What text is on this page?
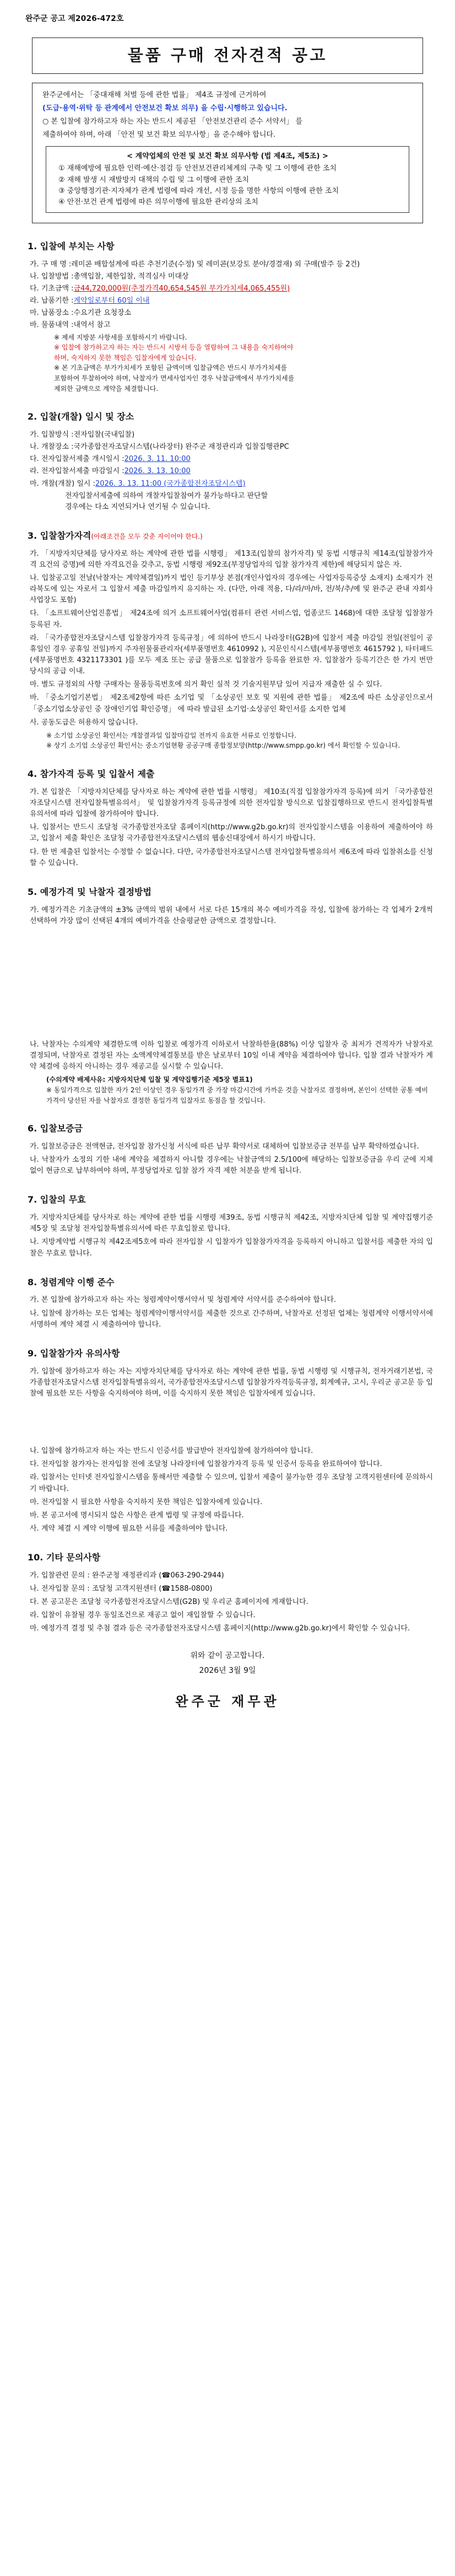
완주군 공고 제2026-472호
물품 구매 전자견적 공고

완주군에서는 「중대재해 처벌 등에 관한 법률」 제4조 규정에 근거하여

(도급·용역·위탁 등 관계에서 안전보건 확보 의무) 을 수립·시행하고 있습니다.

○ 본 입찰에 참가하고자 하는 자는 반드시 제공된 「안전보건관리 준수 서약서」 를

제출하여야 하며, 아래 「안전 및 보건 확보 의무사항」을 준수해야 합니다.

< 계약업체의 안전 및 보건 확보 의무사항 (법 제4조, 제5조) >
① 재해예방에 필요한 인력·예산·점검 등 안전보건관리체계의 구축 및 그 이행에 관한 조치
② 재해 발생 시 재발방지 대책의 수립 및 그 이행에 관한 조치
③ 중앙행정기관·지자체가 관계 법령에 따라 개선, 시정 등을 명한 사항의 이행에 관한 조치
④ 안전·보건 관계 법령에 따른 의무이행에 필요한 관리상의 조치
1. 입찰에 부치는 사항
가. 구 매 명 : 레미콘 배합설계에 따른 추천기준(수정) 및 레미콘(보강토 분야/경결재) 외 구매(발주 등 2건)
나. 입찰방법 : 총액입찰, 제한입찰, 적격심사 미대상
다. 기초금액 : 금44,720,000원(추정가격40,654,545원 부가가치세4,065,455원)
라. 납품기한 : 계약일로부터 60일 이내
마. 납품장소 : 수요기관 요청장소
바. 물품내역 : 내역서 참고
※ 제세 지방분 사항세를 포함하시기 바랍니다.
※ 입찰에 참가하고자 하는 자는 반드시 시방서 등을 열람하여 그 내용을 숙지하여야
하며, 숙지하지 못한 책임은 입찰자에게 있습니다.
※ 본 기초금액은 부가가치세가 포함된 금액이며 입찰금액은 반드시 부가가치세를
포함하여 투찰하여야 하며, 낙찰자가 면세사업자인 경우 낙찰금액에서 부가가치세를
제외한 금액으로 계약을 체결합니다.
2. 입찰(개찰) 일시 및 장소
가. 입찰방식 : 전자입찰(국내입찰)
나. 개찰장소 : 국가종합전자조달시스템(나라장터) 완주군 재정관리과 입찰집행관PC
다. 전자입찰서제출 개시일시 : 2026. 3. 11. 10:00
라. 전자입찰서제출 마감일시 : 2026. 3. 13. 10:00
마. 개찰(개찰) 일시 : 2026. 3. 13. 11:00 (국가종합전자조달시스템)
전자입찰서제출에 의하여 개찰자입찰참여가 불가능하다고 판단할
경우에는 다소 지연되거나 연기될 수 있습니다.
3. 입찰참가자격(아래조건을 모두 갖춘 자이어야 한다.)

가. 「지방자치단체를 당사자로 하는 계약에 관한 법률 시행령」 제13조(입찰의 참가자격) 및 동법 시행규칙 제14조(입찰참가자격 요건의 증명)에 의한 자격요건을 갖추고, 동법 시행령 제92조(부정당업자의 입찰 참가자격 제한)에 해당되지 않은 자.

나. 입찰공고일 전날(낙찰자는 계약체결일)까지 법인 등기부상 본점(개인사업자의 경우에는 사업자등록증상 소재지) 소재지가 전라북도에 있는 자로서 그 입찰서 제출 마감일까지 유지하는 자. (다만, 아래 적용, 다/라/마/바, 전/북/추/예 및 완주군 관내 자회사 사업장도 포함)

다. 「소프트웨어산업진흥법」 제24조에 의거 소프트웨어사업(컴퓨터 관련 서비스업, 업종코드 1468)에 대한 조달청 입찰참가 등록된 자.

라. 「국가종합전자조달시스템 입찰참가자격 등록규정」에 의하여 반드시 나라장터(G2B)에 입찰서 제출 마감일 전일(전일이 공휴일인 경우 공휴일 전일)까지 주자원물품관리자(세부품명번호 4610992 ), 지문인식시스템(세부품명번호 4615792 ), 타터패드(세부품명번호 4321173301 )를 모두 제조 또는 공급 물품으로 입찰참가 등록을 완료한 자. 입찰참가 등록기간은 한 가지 번만 당시의 공급 이내.

마. 별도 규정외의 사항 구매자는 물품등록번호에 의거 확인 실적 것 기술지원부담 있어 지급자 재출한 실 수 있다.

바. 「중소기업기본법」 제2조제2항에 따른 소기업 및 「소상공인 보호 및 지원에 관한 법률」 제2조에 따른 소상공인으로서 「중소기업소상공인 중 장애인기업 확인증명」 에 따라 발급된 소기업·소상공인 확인서를 소지한 업체

사. 공동도급은 허용하지 않습니다.

※ 소기업 소상공인 확인서는 개찰결과일 입찰마감일 전까지 유효한 서류로 인정합니다.
※ 상기 소기업 소상공인 확인서는 중소기업현황 공공구매 종합정보망(http://www.smpp.go.kr) 에서 확인할 수 있습니다.
4. 참가자격 등록 및 입찰서 제출

가. 본 입찰은 「지방자치단체를 당사자로 하는 계약에 관한 법률 시행령」 제10조(직접 입찰참가자격 등록)에 의거 「국가종합전자조달시스템 전자입찰특별유의서」 및 입찰참가자격 등록규정에 의한 전자입찰 방식으로 입찰집행하므로 반드시 전자입찰특별유의서에 따라 입찰에 참가하여야 합니다.

나. 입찰서는 반드시 조달청 국가종합전자조달 홈페이지(http://www.g2b.go.kr)의 전자입찰시스템을 이용하여 제출하여야 하고, 입찰서 제출 확인은 조달청 국가종합전자조달시스템의 웹송신대장에서 하시기 바랍니다.

다. 한 번 제출된 입찰서는 수정할 수 없습니다. 다만, 국가종합전자조달시스템 전자입찰특별유의서 제6조에 따라 입찰취소를 신청할 수 있습니다.

5. 예정가격 및 낙찰자 결정방법

가. 예정가격은 기초금액의 ±3% 금액의 범위 내에서 서로 다른 15개의 복수 예비가격을 작성, 입찰에 참가하는 각 업체가 2개씩 선택하여 가장 많이 선택된 4개의 예비가격을 산술평균한 금액으로 결정합니다.

나. 낙찰자는 수의계약 체결한도액 이하 입찰로 예정가격 이하로서 낙찰하한율(88%) 이상 입찰자 중 최저가 견적자가 낙찰자로 결정되며, 낙찰자로 결정된 자는 소액계약체결통보를 받은 날로부터 10일 이내 계약을 체결하여야 합니다. 입찰 결과 낙찰자가 계약 체결에 응하지 아니하는 경우 재공고를 실시할 수 있습니다.

(수의계약 배제사유: 지방자치단체 입찰 및 계약집행기준 제5장 별표1)
※ 동일가격으로 입찰한 자가 2인 이상인 경우 동일가격 중 가장 마감시간에 가까운 것을 낙찰자로 결정하며, 본인이 선택한 공통 예비가격이 당선된 자를 낙찰자로 결정한 동일가격 입찰자로 동점을 할 것입니다.
6. 입찰보증금

가. 입찰보증금은 전액현금, 전자입찰 참가신청 서식에 따른 납부 확약서로 대체하여 입찰보증금 전부를 납부 확약하였습니다.

나. 낙찰자가 소정의 기한 내에 계약을 체결하지 아니할 경우에는 낙찰금액의 2.5/100에 해당하는 입찰보증금을 우리 군에 지체 없이 현금으로 납부하여야 하며, 부정당업자로 입찰 참가 자격 제한 처분을 받게 됩니다.

7. 입찰의 무효

가. 지방자치단체를 당사자로 하는 계약에 관한 법률 시행령 제39조, 동법 시행규칙 제42조, 지방자치단체 입찰 및 계약집행기준 제5장 및 조달청 전자입찰특별유의서에 따른 무효입찰로 합니다.

나. 지방계약법 시행규칙 제42조제5호에 따라 전자입찰 시 입찰자가 입찰참가자격을 등록하지 아니하고 입찰서를 제출한 자의 입찰은 무효로 합니다.

8. 청렴계약 이행 준수

가. 본 입찰에 참가하고자 하는 자는 청렴계약이행서약서 및 청렴계약 서약서를 준수하여야 합니다.

나. 입찰에 참가하는 모든 업체는 청렴계약이행서약서를 제출한 것으로 간주하며, 낙찰자로 선정된 업체는 청렴계약 이행서약서에 서명하여 계약 체결 시 제출하여야 합니다.

9. 입찰참가자 유의사항

가. 입찰에 참가하고자 하는 자는 지방자치단체를 당사자로 하는 계약에 관한 법률, 동법 시행령 및 시행규칙, 전자거래기본법, 국가종합전자조달시스템 전자입찰특별유의서, 국가종합전자조달시스템 입찰참가자격등록규정, 회계예규, 고시, 우리군 공고문 등 입찰에 필요한 모든 사항을 숙지하여야 하며, 이를 숙지하지 못한 책임은 입찰자에게 있습니다.

나. 입찰에 참가하고자 하는 자는 반드시 인증서를 발급받아 전자입찰에 참가하여야 합니다.

다. 전자입찰 참가자는 전자입찰 전에 조달청 나라장터에 입찰참가자격 등록 및 인증서 등록을 완료하여야 합니다.

라. 입찰서는 인터넷 전자입찰시스템을 통해서만 제출할 수 있으며, 입찰서 제출이 불가능한 경우 조달청 고객지원센터에 문의하시기 바랍니다.

마. 전자입찰 시 필요한 사항을 숙지하지 못한 책임은 입찰자에게 있습니다.

바. 본 공고서에 명시되지 않은 사항은 관계 법령 및 규정에 따릅니다.

사. 계약 체결 시 계약 이행에 필요한 서류를 제출하여야 합니다.

10. 기타 문의사항

가. 입찰관련 문의 : 완주군청 재정관리과 (☎063-290-2944)

나. 전자입찰 문의 : 조달청 고객지원센터 (☎1588-0800)

다. 본 공고문은 조달청 국가종합전자조달시스템(G2B) 및 우리군 홈페이지에 게재합니다.

라. 입찰이 유찰될 경우 동일조건으로 재공고 없이 재입찰할 수 있습니다.

마. 예정가격 결정 및 추첨 결과 등은 국가종합전자조달시스템 홈페이지(http://www.g2b.go.kr)에서 확인할 수 있습니다.

위와 같이 공고합니다.
2026년 3월 9일
완주군 재무관
